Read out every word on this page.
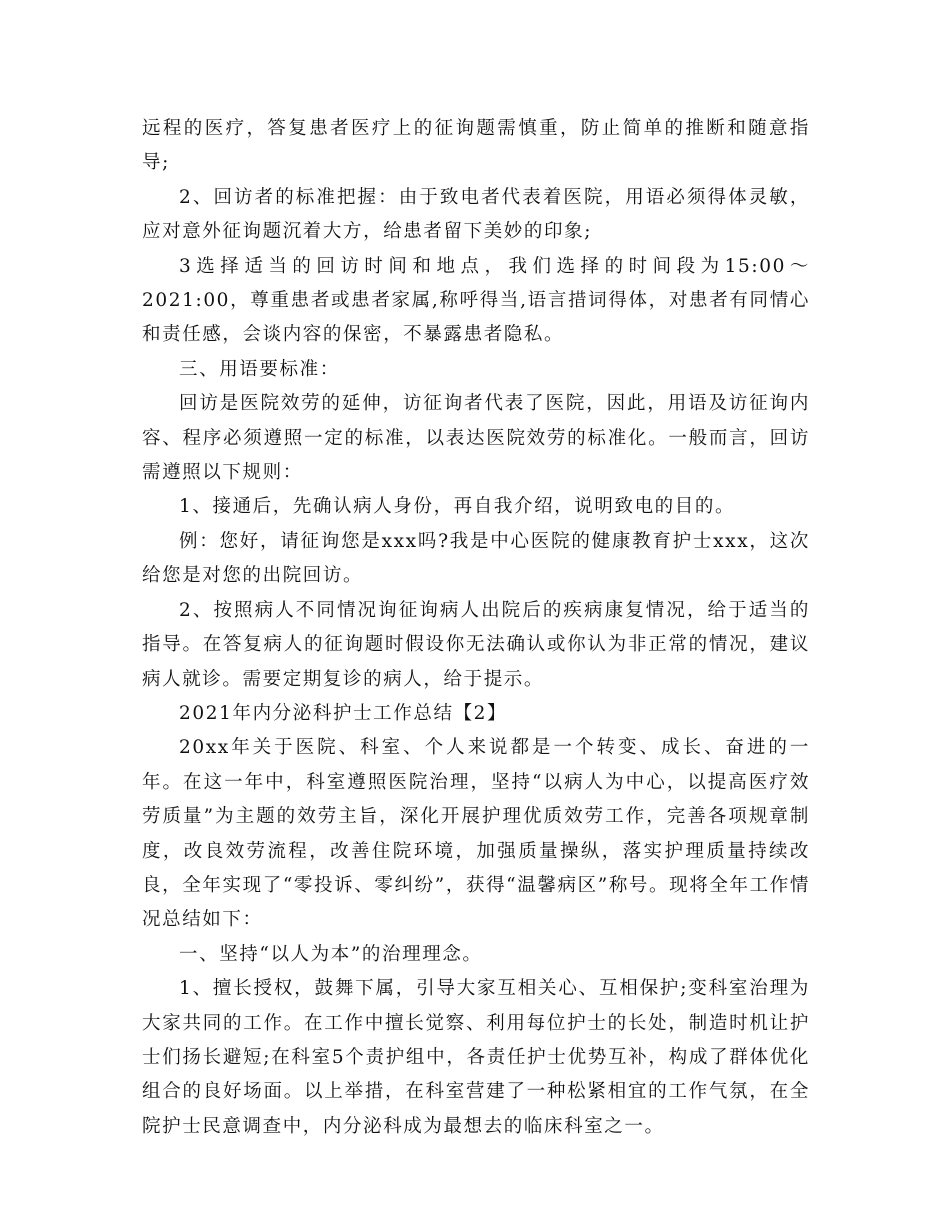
远程的医疗，答复患者医疗上的征询题需慎重，防止简单的推断和随意指导;

2、回访者的标准把握：由于致电者代表着医院，用语必须得体灵敏，应对意外征询题沉着大方，给患者留下美妙的印象;

3选择适当的回访时间和地点，我们选择的时间段为15:00～2021:00，尊重患者或患者家属,称呼得当,语言措词得体，对患者有同情心和责任感，会谈内容的保密，不暴露患者隐私。

三、用语要标准：

回访是医院效劳的延伸，访征询者代表了医院，因此，用语及访征询内容、程序必须遵照一定的标准，以表达医院效劳的标准化。一般而言，回访需遵照以下规则：

1、接通后，先确认病人身份，再自我介绍，说明致电的目的。

例：您好，请征询您是xxx吗?我是中心医院的健康教育护士xxx，这次给您是对您的出院回访。

2、按照病人不同情况询征询病人出院后的疾病康复情况，给于适当的指导。在答复病人的征询题时假设你无法确认或你认为非正常的情况，建议病人就诊。需要定期复诊的病人，给于提示。

2021年内分泌科护士工作总结【2】

20xx年关于医院、科室、个人来说都是一个转变、成长、奋进的一年。在这一年中，科室遵照医院治理，坚持“以病人为中心，以提高医疗效劳质量”为主题的效劳主旨，深化开展护理优质效劳工作，完善各项规章制度，改良效劳流程，改善住院环境，加强质量操纵，落实护理质量持续改良，全年实现了“零投诉、零纠纷”，获得“温馨病区”称号。现将全年工作情况总结如下：

一、坚持“以人为本”的治理理念。

1、擅长授权，鼓舞下属，引导大家互相关心、互相保护;变科室治理为大家共同的工作。在工作中擅长觉察、利用每位护士的长处，制造时机让护士们扬长避短;在科室5个责护组中，各责任护士优势互补，构成了群体优化组合的良好场面。以上举措，在科室营建了一种松紧相宜的工作气氛，在全院护士民意调查中，内分泌科成为最想去的临床科室之一。
